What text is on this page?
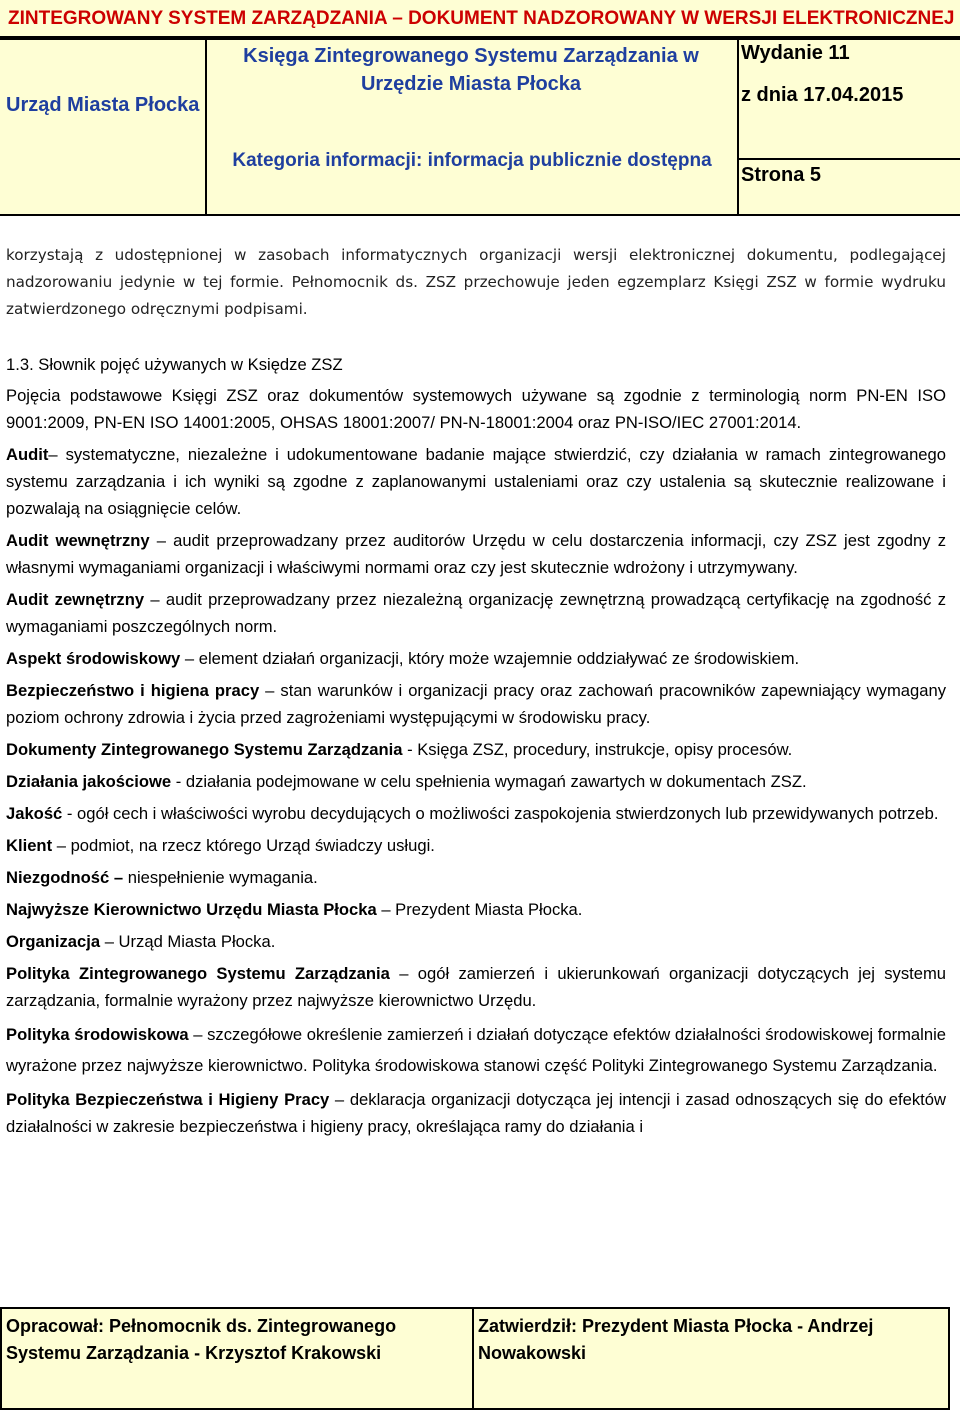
ZINTEGROWANY SYSTEM ZARZĄDZANIA – DOKUMENT NADZOROWANY W WERSJI ELEKTRONICZNEJ
Urząd Miasta Płocka
Księga Zintegrowanego Systemu Zarządzania w Urzędzie Miasta Płocka
Kategoria informacji: informacja publicznie dostępna
Wydanie 11
z dnia 17.04.2015
Strona 5

korzystają z udostępnionej w zasobach informatycznych organizacji wersji elektronicznej dokumentu, podlegającej nadzorowaniu jedynie w tej formie. Pełnomocnik ds. ZSZ przechowuje jeden egzemplarz Księgi ZSZ w formie wydruku zatwierdzonego odręcznymi podpisami.

1.3. Słownik pojęć używanych w Księdze ZSZ

Pojęcia podstawowe Księgi ZSZ oraz dokumentów systemowych używane są zgodnie z terminologią norm PN-EN ISO 9001:2009, PN-EN ISO 14001:2005, OHSAS 18001:2007/ PN-N-18001:2004 oraz PN-ISO/IEC 27001:2014.

Audit– systematyczne, niezależne i udokumentowane badanie mające stwierdzić, czy działania w ramach zintegrowanego systemu zarządzania i ich wyniki są zgodne z zaplanowanymi ustaleniami oraz czy ustalenia są skutecznie realizowane i pozwalają na osiągnięcie celów.

Audit wewnętrzny – audit przeprowadzany przez auditorów Urzędu w celu dostarczenia informacji, czy ZSZ jest zgodny z własnymi wymaganiami organizacji i właściwymi normami oraz czy jest skutecznie wdrożony i utrzymywany.

Audit zewnętrzny – audit przeprowadzany przez niezależną organizację zewnętrzną prowadzącą certyfikację na zgodność z wymaganiami poszczególnych norm.

Aspekt środowiskowy – element działań organizacji, który może wzajemnie oddziaływać ze środowiskiem.

Bezpieczeństwo i higiena pracy – stan warunków i organizacji pracy oraz zachowań pracowników zapewniający wymagany poziom ochrony zdrowia i życia przed zagrożeniami występującymi w środowisku pracy.

Dokumenty Zintegrowanego Systemu Zarządzania - Księga ZSZ, procedury, instrukcje, opisy procesów.

Działania jakościowe - działania podejmowane w celu spełnienia wymagań zawartych w dokumentach ZSZ.

Jakość - ogół cech i właściwości wyrobu decydujących o możliwości zaspokojenia stwierdzonych lub przewidywanych potrzeb.

Klient – podmiot, na rzecz którego Urząd świadczy usługi.

Niezgodność – niespełnienie wymagania.

Najwyższe Kierownictwo Urzędu Miasta Płocka – Prezydent Miasta Płocka.

Organizacja – Urząd Miasta Płocka.

Polityka Zintegrowanego Systemu Zarządzania – ogół zamierzeń i ukierunkowań organizacji dotyczących jej systemu zarządzania, formalnie wyrażony przez najwyższe kierownictwo Urzędu.

Polityka środowiskowa – szczegółowe określenie zamierzeń i działań dotyczące efektów działalności środowiskowej formalnie wyrażone przez najwyższe kierownictwo. Polityka środowiskowa stanowi część Polityki Zintegrowanego Systemu Zarządzania.

Polityka Bezpieczeństwa i Higieny Pracy – deklaracja organizacji dotycząca jej intencji i zasad odnoszących się do efektów działalności w zakresie bezpieczeństwa i higieny pracy, określająca ramy do działania i

Opracował: Pełnomocnik ds. Zintegrowanego Systemu Zarządzania - Krzysztof Krakowski
Zatwierdził: Prezydent Miasta Płocka - Andrzej Nowakowski
